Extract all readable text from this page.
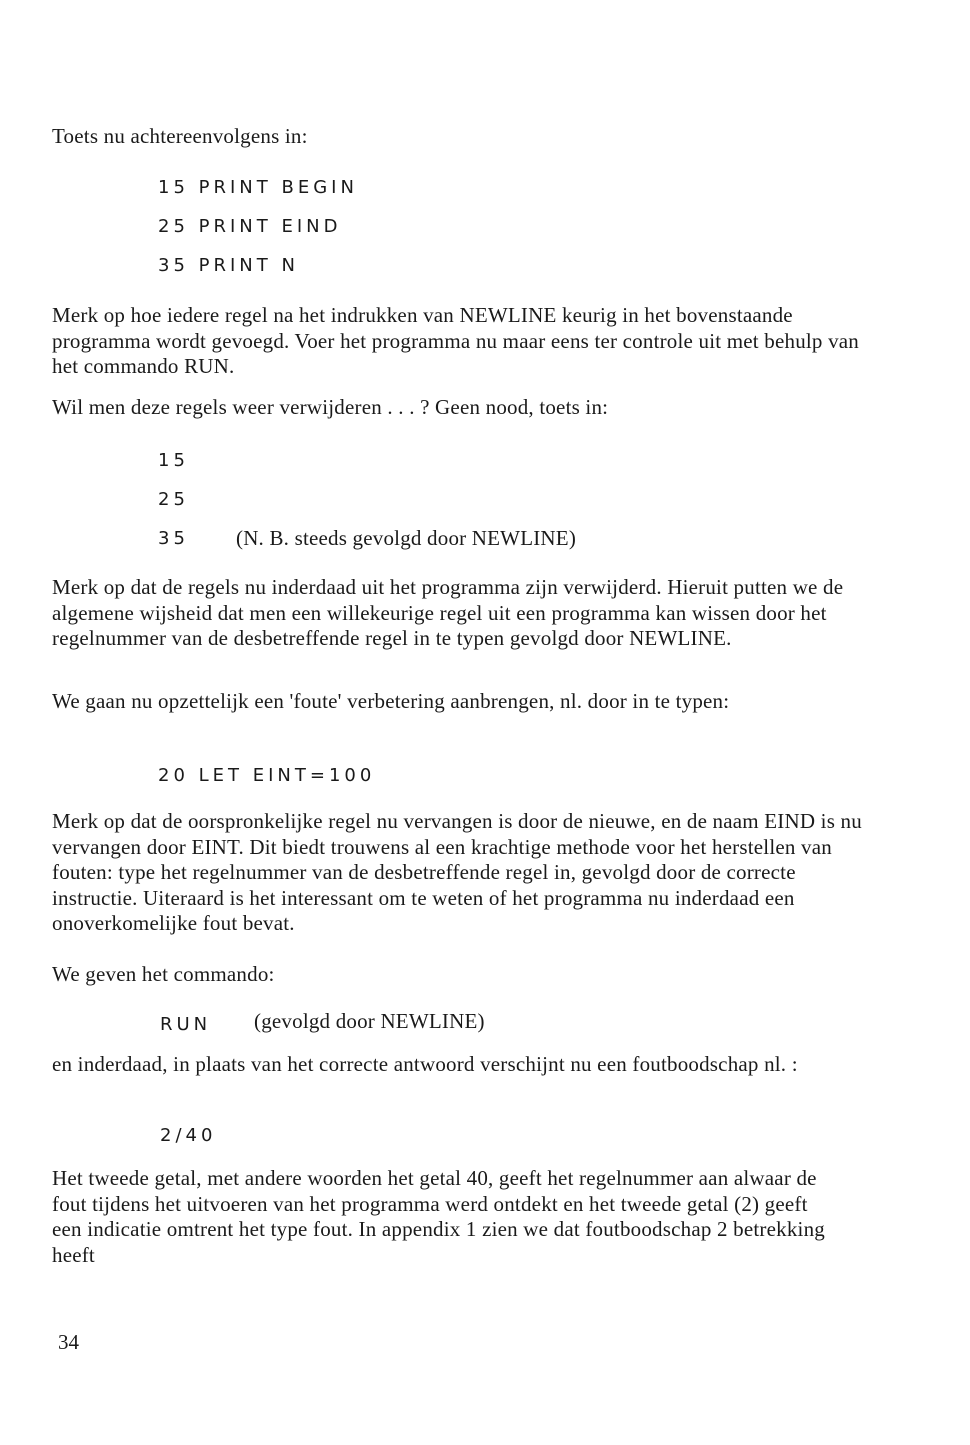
Toets nu achtereenvolgens in:

15 PRINT BEGIN
25 PRINT EIND
35 PRINT N

Merk op hoe iedere regel na het indrukken van NEWLINE keurig in het bovenstaande programma wordt gevoegd. Voer het programma nu maar eens ter controle uit met behulp van het commando RUN.

Wil men deze regels weer verwijderen . . . ? Geen nood, toets in:

15
25
35 (N. B. steeds gevolgd door NEWLINE)

Merk op dat de regels nu inderdaad uit het programma zijn verwijderd. Hieruit putten we de algemene wijsheid dat men een willekeurige regel uit een programma kan wissen door het regelnummer van de desbetreffende regel in te typen gevolgd door NEWLINE.

We gaan nu opzettelijk een 'foute' verbetering aanbrengen, nl. door in te typen:

20 LET EINT=100

Merk op dat de oorspronkelijke regel nu vervangen is door de nieuwe, en de naam EIND is nu vervangen door EINT. Dit biedt trouwens al een krachtige methode voor het herstellen van fouten: type het regelnummer van de desbetreffende regel in, gevolgd door de correcte instructie. Uiteraard is het interessant om te weten of het programma nu inderdaad een onoverkomelijke fout bevat.

We geven het commando:

RUN (gevolgd door NEWLINE)

en inderdaad, in plaats van het correcte antwoord verschijnt nu een foutboodschap nl. :

2/40

Het tweede getal, met andere woorden het getal 40, geeft het regelnummer aan alwaar de fout tijdens het uitvoeren van het programma werd ontdekt en het tweede getal (2) geeft een indicatie omtrent het type fout. In appendix 1 zien we dat foutboodschap 2 betrekking heeft

34
